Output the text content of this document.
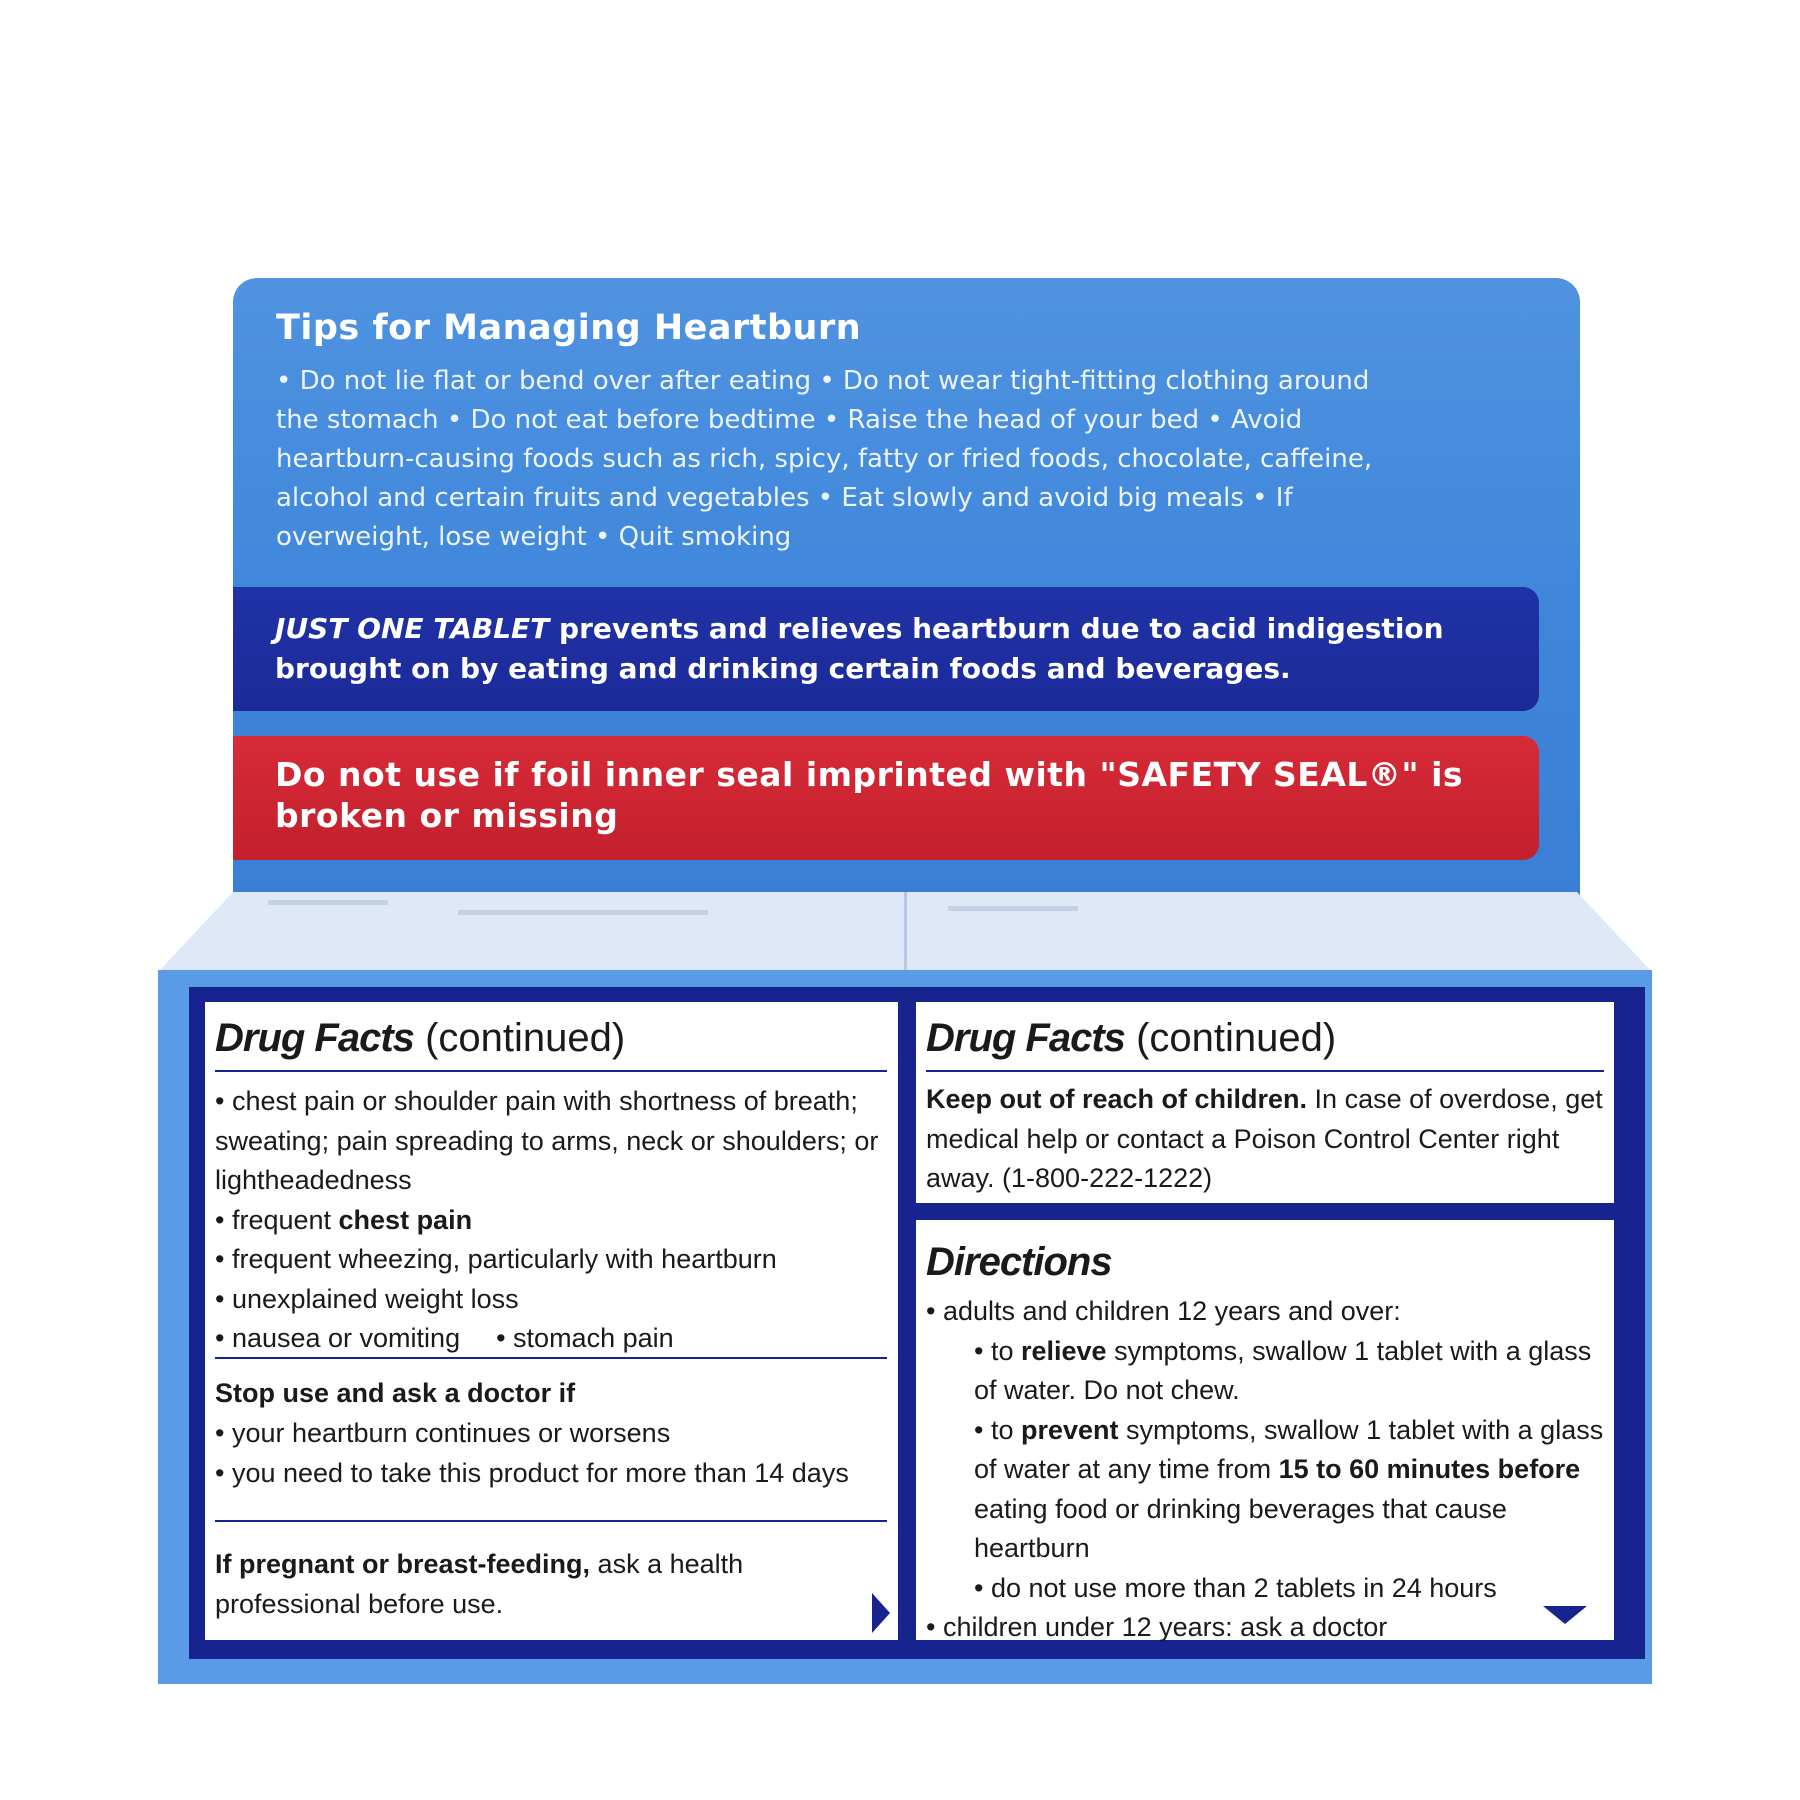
Tips for Managing Heartburn

• Do not lie flat or bend over after eating • Do not wear tight-fitting clothing around the stomach • Do not eat before bedtime • Raise the head of your bed • Avoid heartburn-causing foods such as rich, spicy, fatty or fried foods, chocolate, caffeine, alcohol and certain fruits and vegetables • Eat slowly and avoid big meals • If overweight, lose weight • Quit smoking

JUST ONE TABLET prevents and relieves heartburn due to acid indigestion brought on by eating and drinking certain foods and beverages.

Do not use if foil inner seal imprinted with "SAFETY SEAL®" is broken or missing

Drug Facts (continued)

• chest pain or shoulder pain with shortness of breath; sweating; pain spreading to arms, neck or shoulders; or lightheadedness
• frequent chest pain
• frequent wheezing, particularly with heartburn
• unexplained weight loss
• nausea or vomiting • stomach pain

Stop use and ask a doctor if

• your heartburn continues or worsens
• you need to take this product for more than 14 days

If pregnant or breast-feeding, ask a health professional before use.

Drug Facts (continued)

Keep out of reach of children. In case of overdose, get medical help or contact a Poison Control Center right away. (1-800-222-1222)

Directions

• adults and children 12 years and over:

• to relieve symptoms, swallow 1 tablet with a glass of water. Do not chew.
• to prevent symptoms, swallow 1 tablet with a glass of water at any time from 15 to 60 minutes before eating food or drinking beverages that cause heartburn
• do not use more than 2 tablets in 24 hours
• children under 12 years: ask a doctor
